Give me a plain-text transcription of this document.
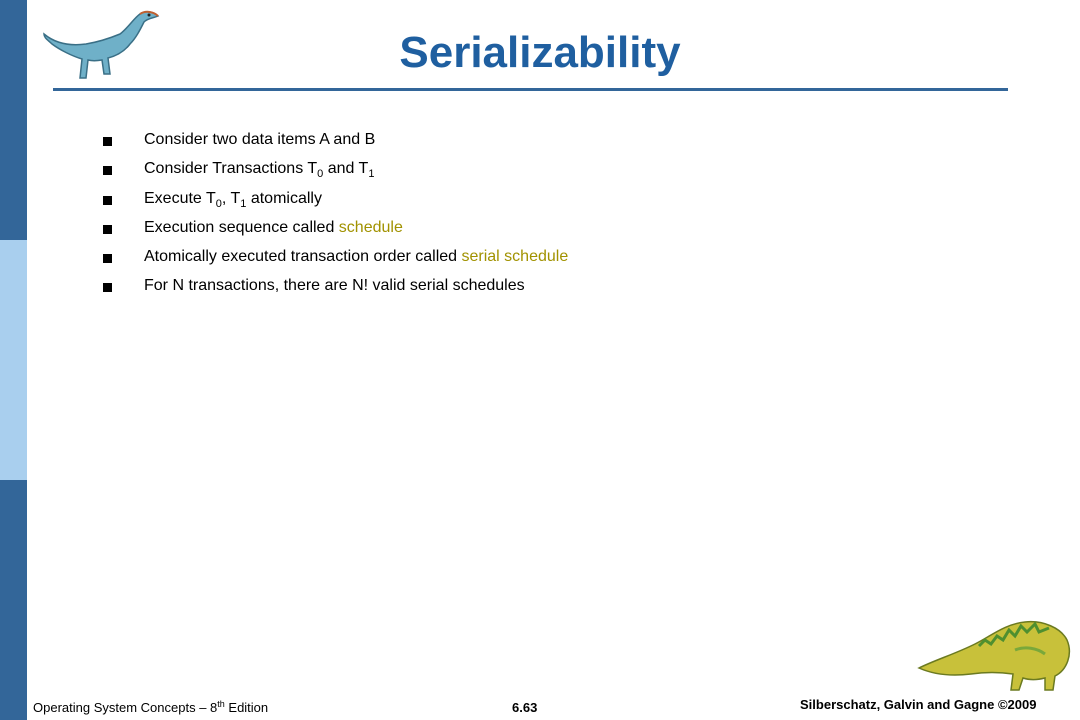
Serializability
Consider two data items A and B
Consider Transactions $T_0$ and $T_1$
Execute $T_0$, $T_1$ atomically
Execution sequence called schedule
Atomically executed transaction order called serial schedule
For N transactions, there are N! valid serial schedules
Operating System Concepts – 8th Edition	6.63	Silberschatz, Galvin and Gagne ©2009
